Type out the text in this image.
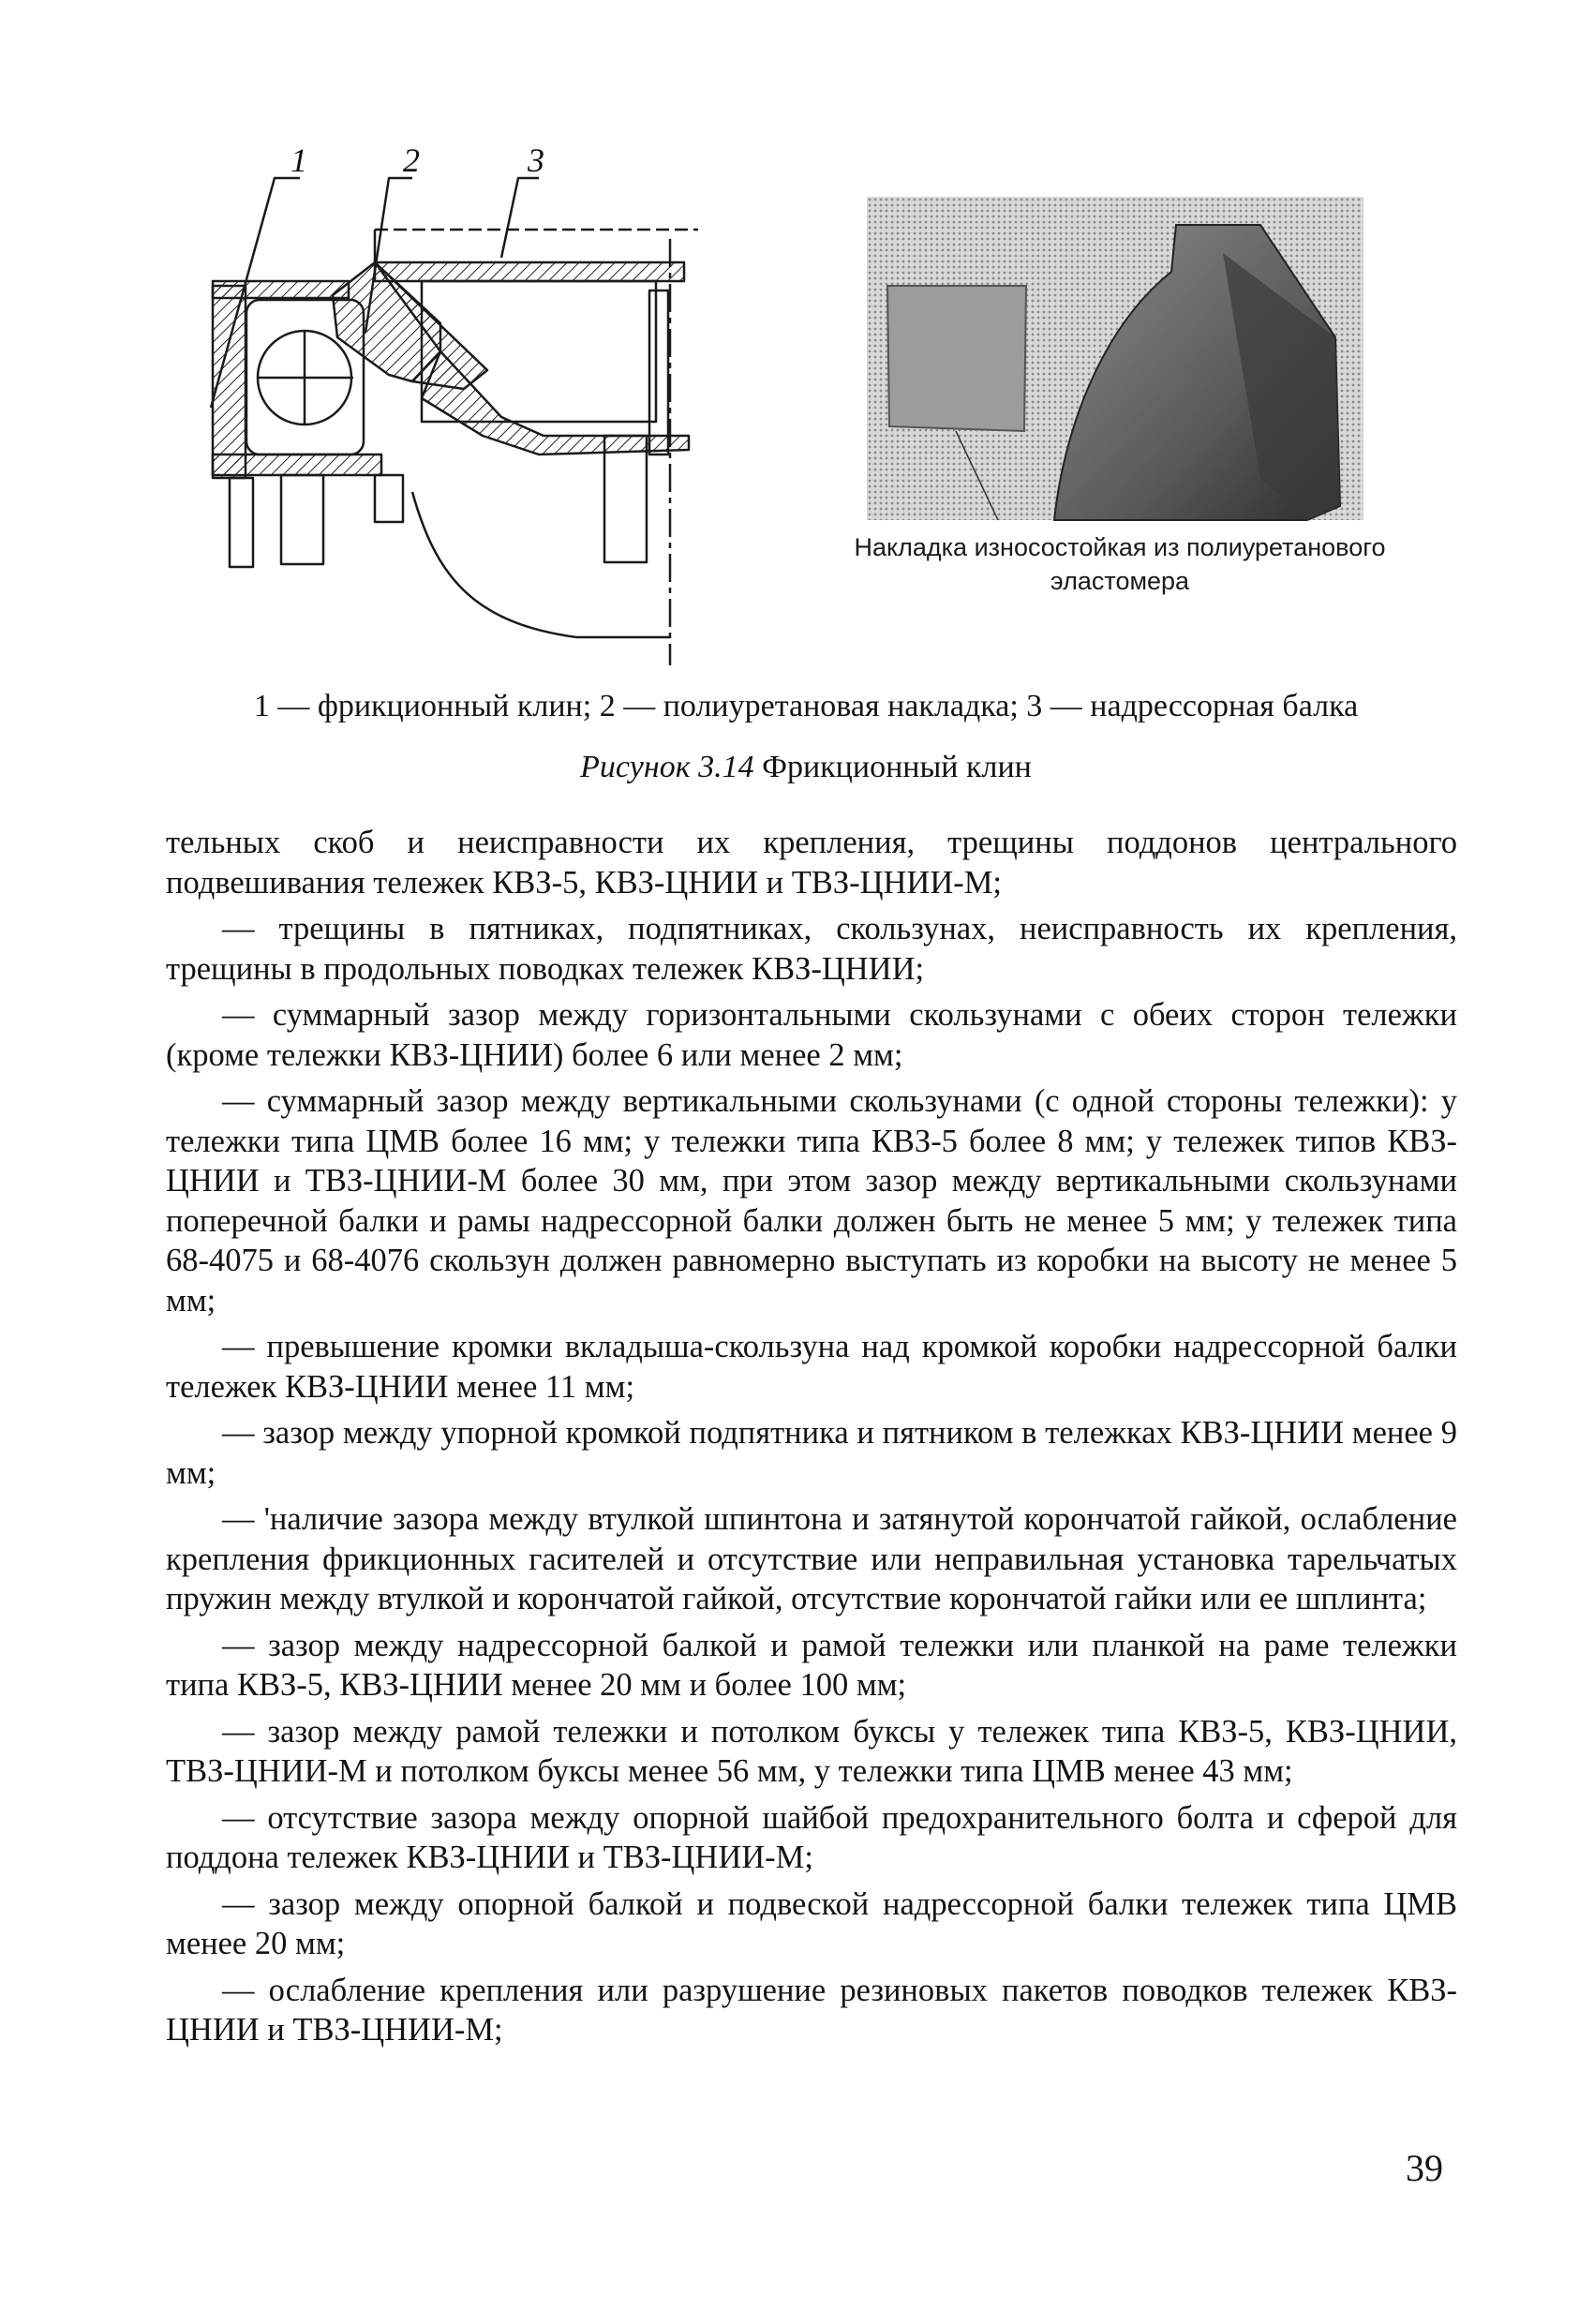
1	2	3
Накладка износостойкая из полиуретанового
эластомера
1 — фрикционный клин; 2 — полиуретановая накладка; 3 — надрессорная балка
Рисунок 3.14 Фрикционный клин

тельных скоб и неисправности их крепления, трещины поддонов центрального подвешивания тележек КВЗ-5, КВЗ-ЦНИИ и ТВЗ-ЦНИИ-М;

— трещины в пятниках, подпятниках, скользунах, неисправность их крепления, трещины в продольных поводках тележек КВЗ-ЦНИИ;

— суммарный зазор между горизонтальными скользунами с обеих сторон тележки (кроме тележки КВЗ-ЦНИИ) более 6 или менее 2 мм;

— суммарный зазор между вертикальными скользунами (с одной стороны тележки): у тележки типа ЦМВ более 16 мм; у тележки типа КВЗ-5 более 8 мм; у тележек типов КВЗ-ЦНИИ и ТВЗ-ЦНИИ-М более 30 мм, при этом зазор между вертикальными скользунами поперечной балки и рамы надрессорной балки должен быть не менее 5 мм; у тележек типа 68-4075 и 68-4076 скользун должен равномерно выступать из коробки на высоту не менее 5 мм;

— превышение кромки вкладыша-скользуна над кромкой коробки надрессорной балки тележек КВЗ-ЦНИИ менее 11 мм;

— зазор между упорной кромкой подпятника и пятником в тележках КВЗ-ЦНИИ менее 9 мм;

— 'наличие зазора между втулкой шпинтона и затянутой корончатой гайкой, ослабление крепления фрикционных гасителей и отсутствие или неправильная установка тарельчатых пружин между втулкой и корончатой гайкой, отсутствие корончатой гайки или ее шплинта;

— зазор между надрессорной балкой и рамой тележки или планкой на раме тележки типа КВЗ-5, КВЗ-ЦНИИ менее 20 мм и более 100 мм;

— зазор между рамой тележки и потолком буксы у тележек типа КВЗ-5, КВЗ-ЦНИИ, ТВЗ-ЦНИИ-М и потолком буксы менее 56 мм, у тележки типа ЦМВ менее 43 мм;

— отсутствие зазора между опорной шайбой предохранительного болта и сферой для поддона тележек КВЗ-ЦНИИ и ТВЗ-ЦНИИ-М;

— зазор между опорной балкой и подвеской надрессорной балки тележек типа ЦМВ менее 20 мм;

— ослабление крепления или разрушение резиновых пакетов поводков тележек КВЗ-ЦНИИ и ТВЗ-ЦНИИ-М;

39
